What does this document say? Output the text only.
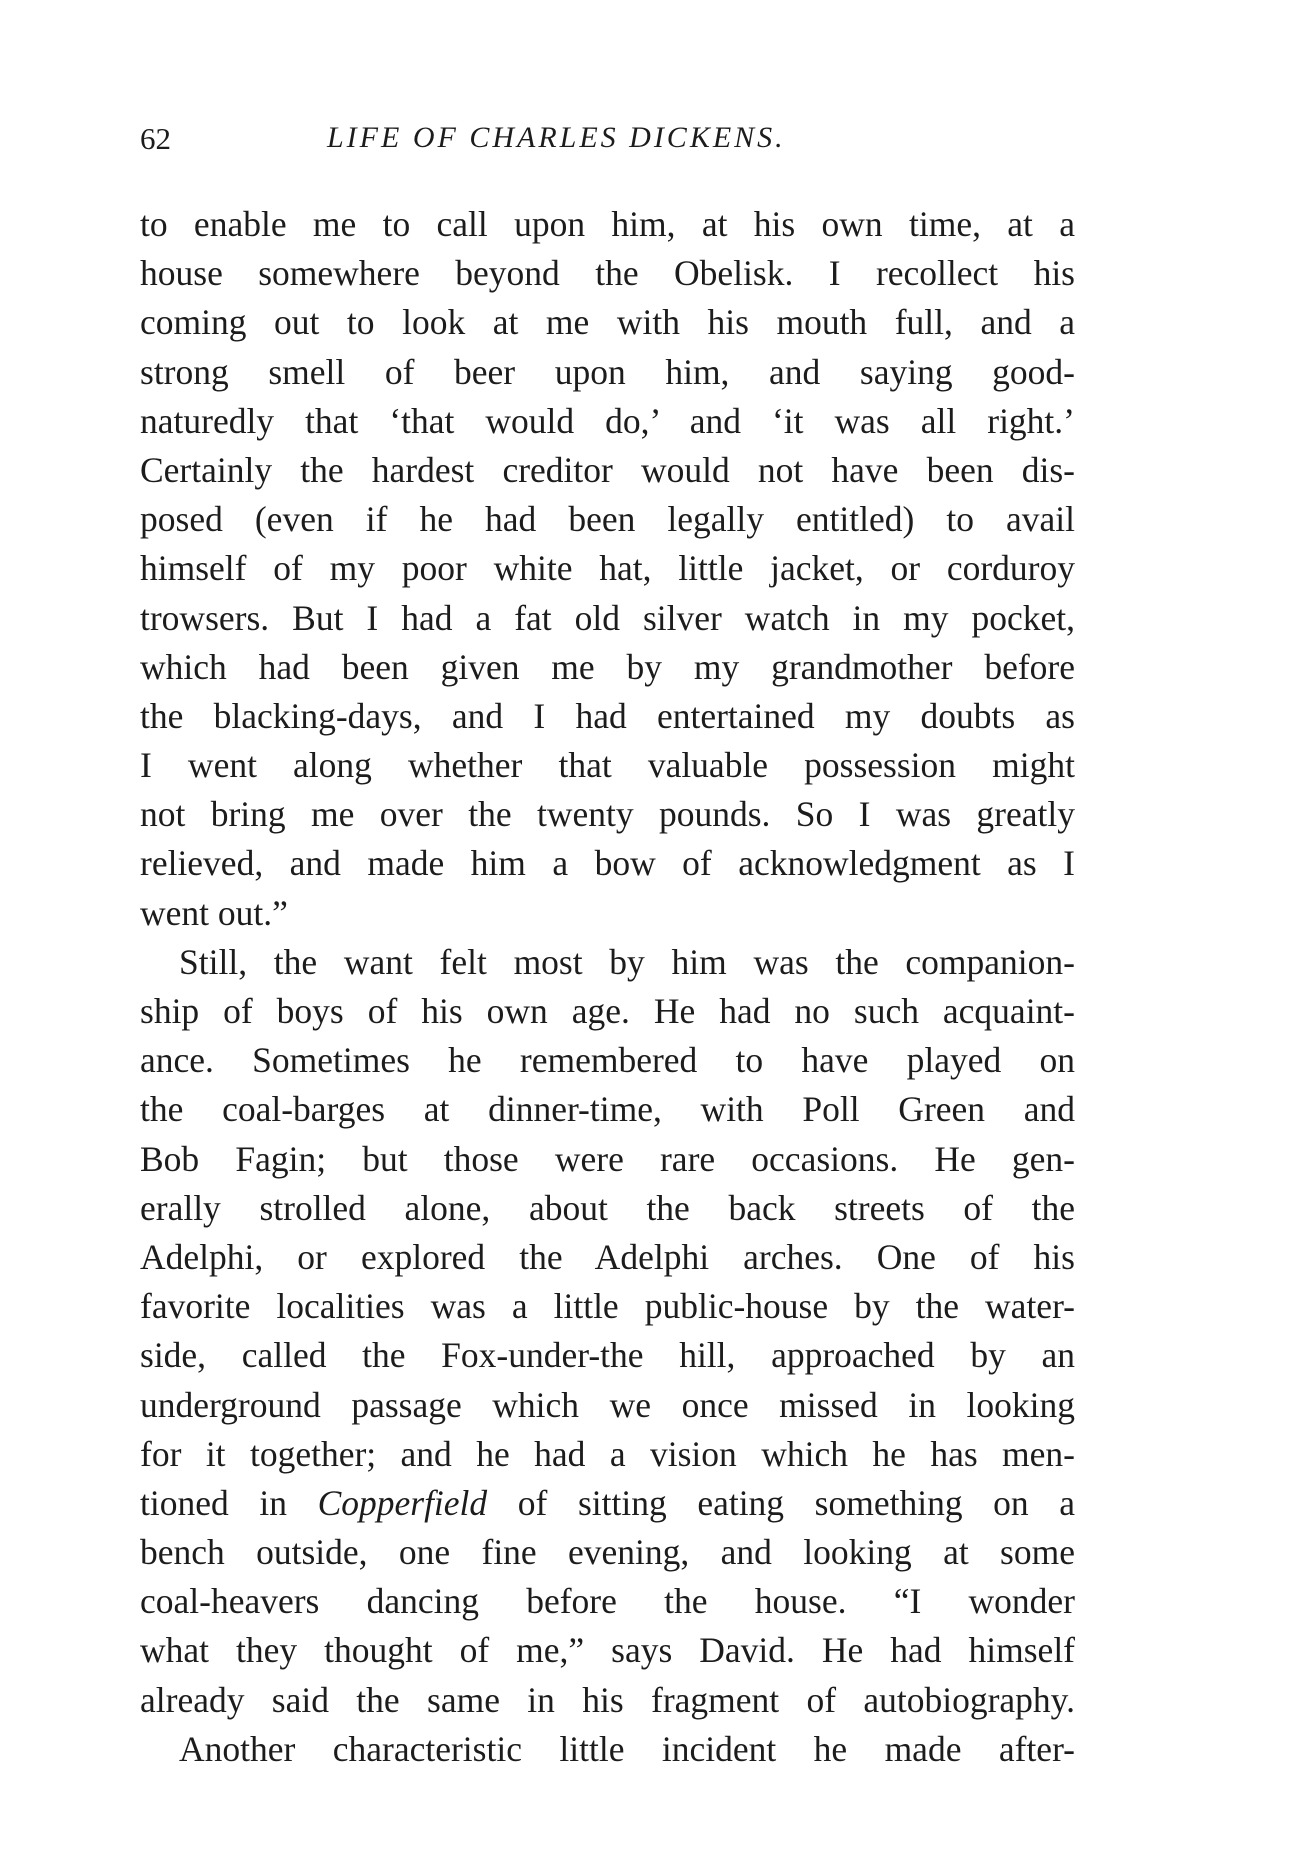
62	LIFE OF CHARLES DICKENS.
to enable me to call upon him, at his own time, at a
house somewhere beyond the Obelisk. I recollect his
coming out to look at me with his mouth full, and a
strong smell of beer upon him, and saying good-
naturedly that ‘that would do,’ and ‘it was all right.’
Certainly the hardest creditor would not have been dis-
posed (even if he had been legally entitled) to avail
himself of my poor white hat, little jacket, or corduroy
trowsers. But I had a fat old silver watch in my pocket,
which had been given me by my grandmother before
the blacking-days, and I had entertained my doubts as
I went along whether that valuable possession might
not bring me over the twenty pounds. So I was greatly
relieved, and made him a bow of acknowledgment as I
went out.”
Still, the want felt most by him was the companion-
ship of boys of his own age. He had no such acquaint-
ance. Sometimes he remembered to have played on
the coal-barges at dinner-time, with Poll Green and
Bob Fagin; but those were rare occasions. He gen-
erally strolled alone, about the back streets of the
Adelphi, or explored the Adelphi arches. One of his
favorite localities was a little public-house by the water-
side, called the Fox-under-the hill, approached by an
underground passage which we once missed in looking
for it together; and he had a vision which he has men-
tioned in Copperfield of sitting eating something on a
bench outside, one fine evening, and looking at some
coal-heavers dancing before the house. “I wonder
what they thought of me,” says David. He had himself
already said the same in his fragment of autobiography.
Another characteristic little incident he made after-
